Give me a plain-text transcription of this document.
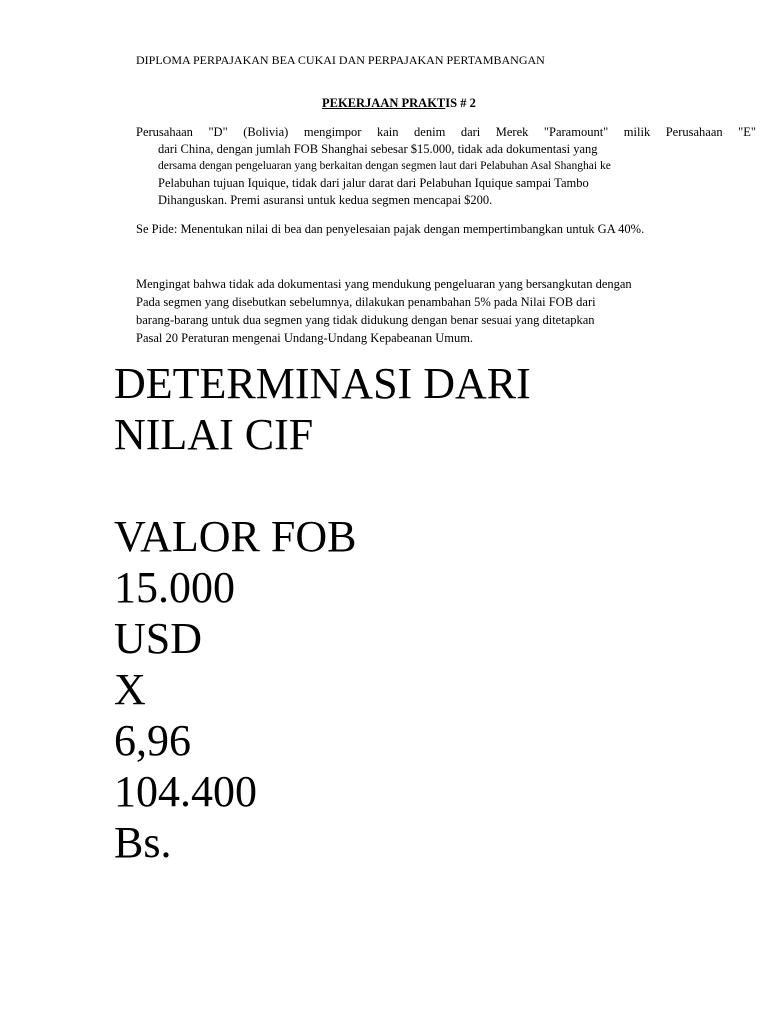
DIPLOMA PERPAJAKAN BEA CUKAI DAN PERPAJAKAN PERTAMBANGAN
PEKERJAAN PRAKTIS # 2
Perusahaan "D" (Bolivia) mengimpor kain denim dari Merek "Paramount" milik Perusahaan "E"
dari China, dengan jumlah FOB Shanghai sebesar $15.000, tidak ada dokumentasi yang
dersama dengan pengeluaran yang berkaitan dengan segmen laut dari Pelabuhan Asal Shanghai ke
Pelabuhan tujuan Iquique, tidak dari jalur darat dari Pelabuhan Iquique sampai Tambo
Dihanguskan. Premi asuransi untuk kedua segmen mencapai $200.
Se Pide: Menentukan nilai di bea dan penyelesaian pajak dengan mempertimbangkan untuk GA 40%.
Mengingat bahwa tidak ada dokumentasi yang mendukung pengeluaran yang bersangkutan dengan
Pada segmen yang disebutkan sebelumnya, dilakukan penambahan 5% pada Nilai FOB dari
barang-barang untuk dua segmen yang tidak didukung dengan benar sesuai yang ditetapkan
Pasal 20 Peraturan mengenai Undang-Undang Kepabeanan Umum.
DETERMINASI DARI
NILAI CIF
VALOR FOB
15.000
USD
X
6,96
104.400
Bs.
